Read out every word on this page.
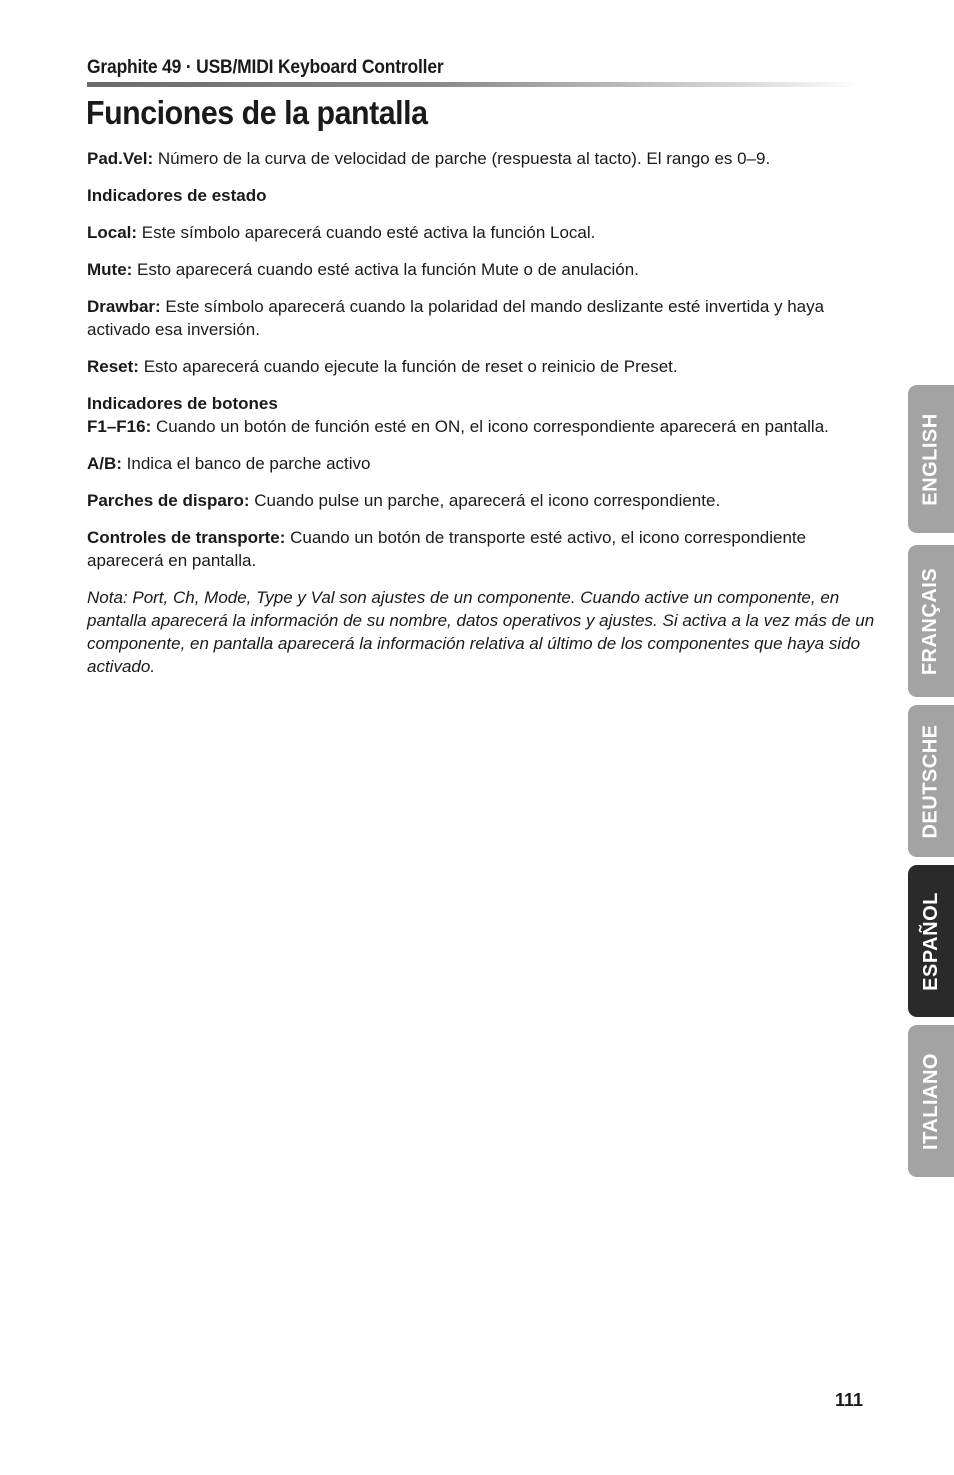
Graphite 49 · USB/MIDI Keyboard Controller
Funciones de la pantalla

Pad.Vel: Número de la curva de velocidad de parche (respuesta al tacto). El rango es 0–9.

Indicadores de estado

Local: Este símbolo aparecerá cuando esté activa la función Local.

Mute: Esto aparecerá cuando esté activa la función Mute o de anulación.

Drawbar: Este símbolo aparecerá cuando la polaridad del mando deslizante esté invertida y haya activado esa inversión.

Reset: Esto aparecerá cuando ejecute la función de reset o reinicio de Preset.

Indicadores de botones

F1–F16: Cuando un botón de función esté en ON, el icono correspondiente aparecerá en pantalla.

A/B: Indica el banco de parche activo

Parches de disparo: Cuando pulse un parche, aparecerá el icono correspondiente.

Controles de transporte: Cuando un botón de transporte esté activo, el icono correspondiente aparecerá en pantalla.

Nota: Port, Ch, Mode, Type y Val son ajustes de un componente. Cuando active un componente, en pantalla aparecerá la información de su nombre, datos operativos y ajustes. Si activa a la vez más de un componente, en pantalla aparecerá la información relativa al último de los componentes que haya sido activado.

ENGLISH
FRANÇAIS
DEUTSCHE
ESPAÑOL
ITALIANO
111
